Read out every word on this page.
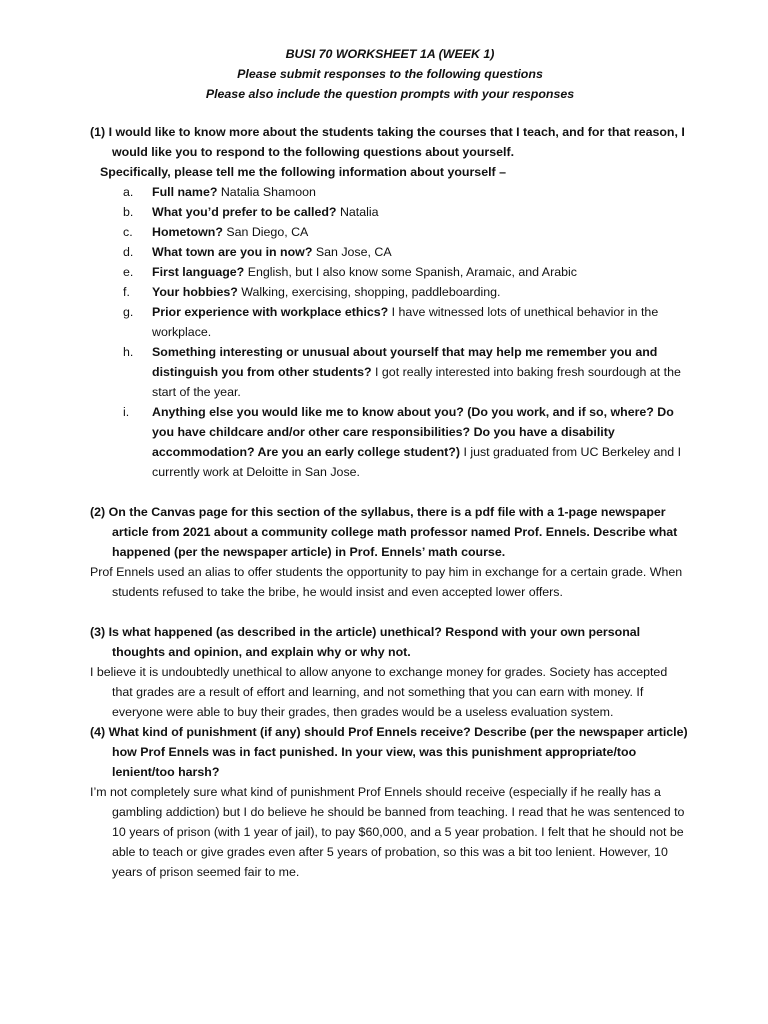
BUSI 70 WORKSHEET 1A (WEEK 1)
Please submit responses to the following questions
Please also include the question prompts with your responses
(1) I would like to know more about the students taking the courses that I teach, and for that reason, I would like you to respond to the following questions about yourself.
Specifically, please tell me the following information about yourself –
a. Full name? Natalia Shamoon
b. What you’d prefer to be called? Natalia
c. Hometown? San Diego, CA
d. What town are you in now? San Jose, CA
e. First language? English, but I also know some Spanish, Aramaic, and Arabic
f. Your hobbies? Walking, exercising, shopping, paddleboarding.
g. Prior experience with workplace ethics? I have witnessed lots of unethical behavior in the workplace.
h. Something interesting or unusual about yourself that may help me remember you and distinguish you from other students? I got really interested into baking fresh sourdough at the start of the year.
i. Anything else you would like me to know about you? (Do you work, and if so, where? Do you have childcare and/or other care responsibilities? Do you have a disability accommodation? Are you an early college student?) I just graduated from UC Berkeley and I currently work at Deloitte in San Jose.
(2) On the Canvas page for this section of the syllabus, there is a pdf file with a 1-page newspaper article from 2021 about a community college math professor named Prof. Ennels. Describe what happened (per the newspaper article) in Prof. Ennels’ math course.
Prof Ennels used an alias to offer students the opportunity to pay him in exchange for a certain grade. When students refused to take the bribe, he would insist and even accepted lower offers.
(3) Is what happened (as described in the article) unethical? Respond with your own personal thoughts and opinion, and explain why or why not.
I believe it is undoubtedly unethical to allow anyone to exchange money for grades. Society has accepted that grades are a result of effort and learning, and not something that you can earn with money. If everyone were able to buy their grades, then grades would be a useless evaluation system.
(4) What kind of punishment (if any) should Prof Ennels receive? Describe (per the newspaper article) how Prof Ennels was in fact punished. In your view, was this punishment appropriate/too lenient/too harsh?
I’m not completely sure what kind of punishment Prof Ennels should receive (especially if he really has a gambling addiction) but I do believe he should be banned from teaching. I read that he was sentenced to 10 years of prison (with 1 year of jail), to pay $60,000, and a 5 year probation. I felt that he should not be able to teach or give grades even after 5 years of probation, so this was a bit too lenient. However, 10 years of prison seemed fair to me.
